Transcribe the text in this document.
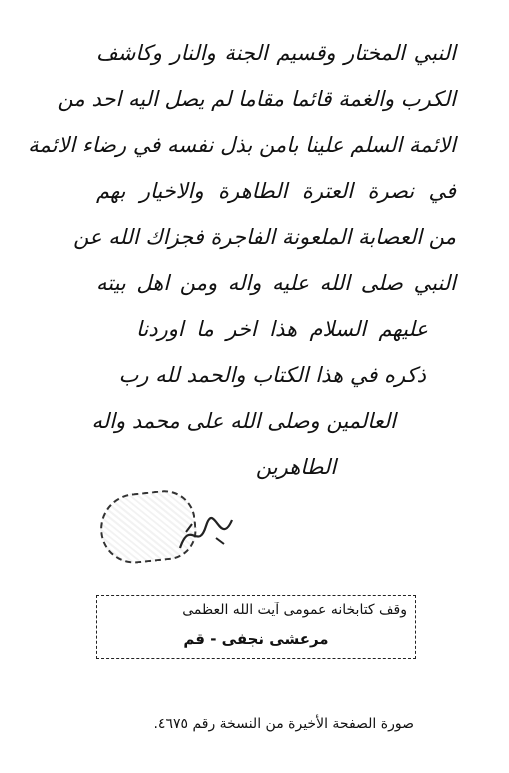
النبي المختار وقسيم الجنة والنار وكاشف
الكرب والغمة قائما مقاما لم يصل اليه احد من
الائمة السلم علينا بامن بذل نفسه في رضاء الائمة
في نصرة العترة الطاهرة والاخيار بهم
من العصابة الملعونة الفاجرة فجزاك الله عن
النبي صلى الله عليه واله ومن اهل بيته
عليهم السلام هذا اخر ما اوردنا
ذكره في هذا الكتاب والحمد لله رب
العالمين وصلى الله على محمد واله
الطاهرين
وقف كتابخانه عمومی آیت الله العظمی
مرعشی نجفی - قم
صورة الصفحة الأخيرة من النسخة رقم ٤٦٧٥.
